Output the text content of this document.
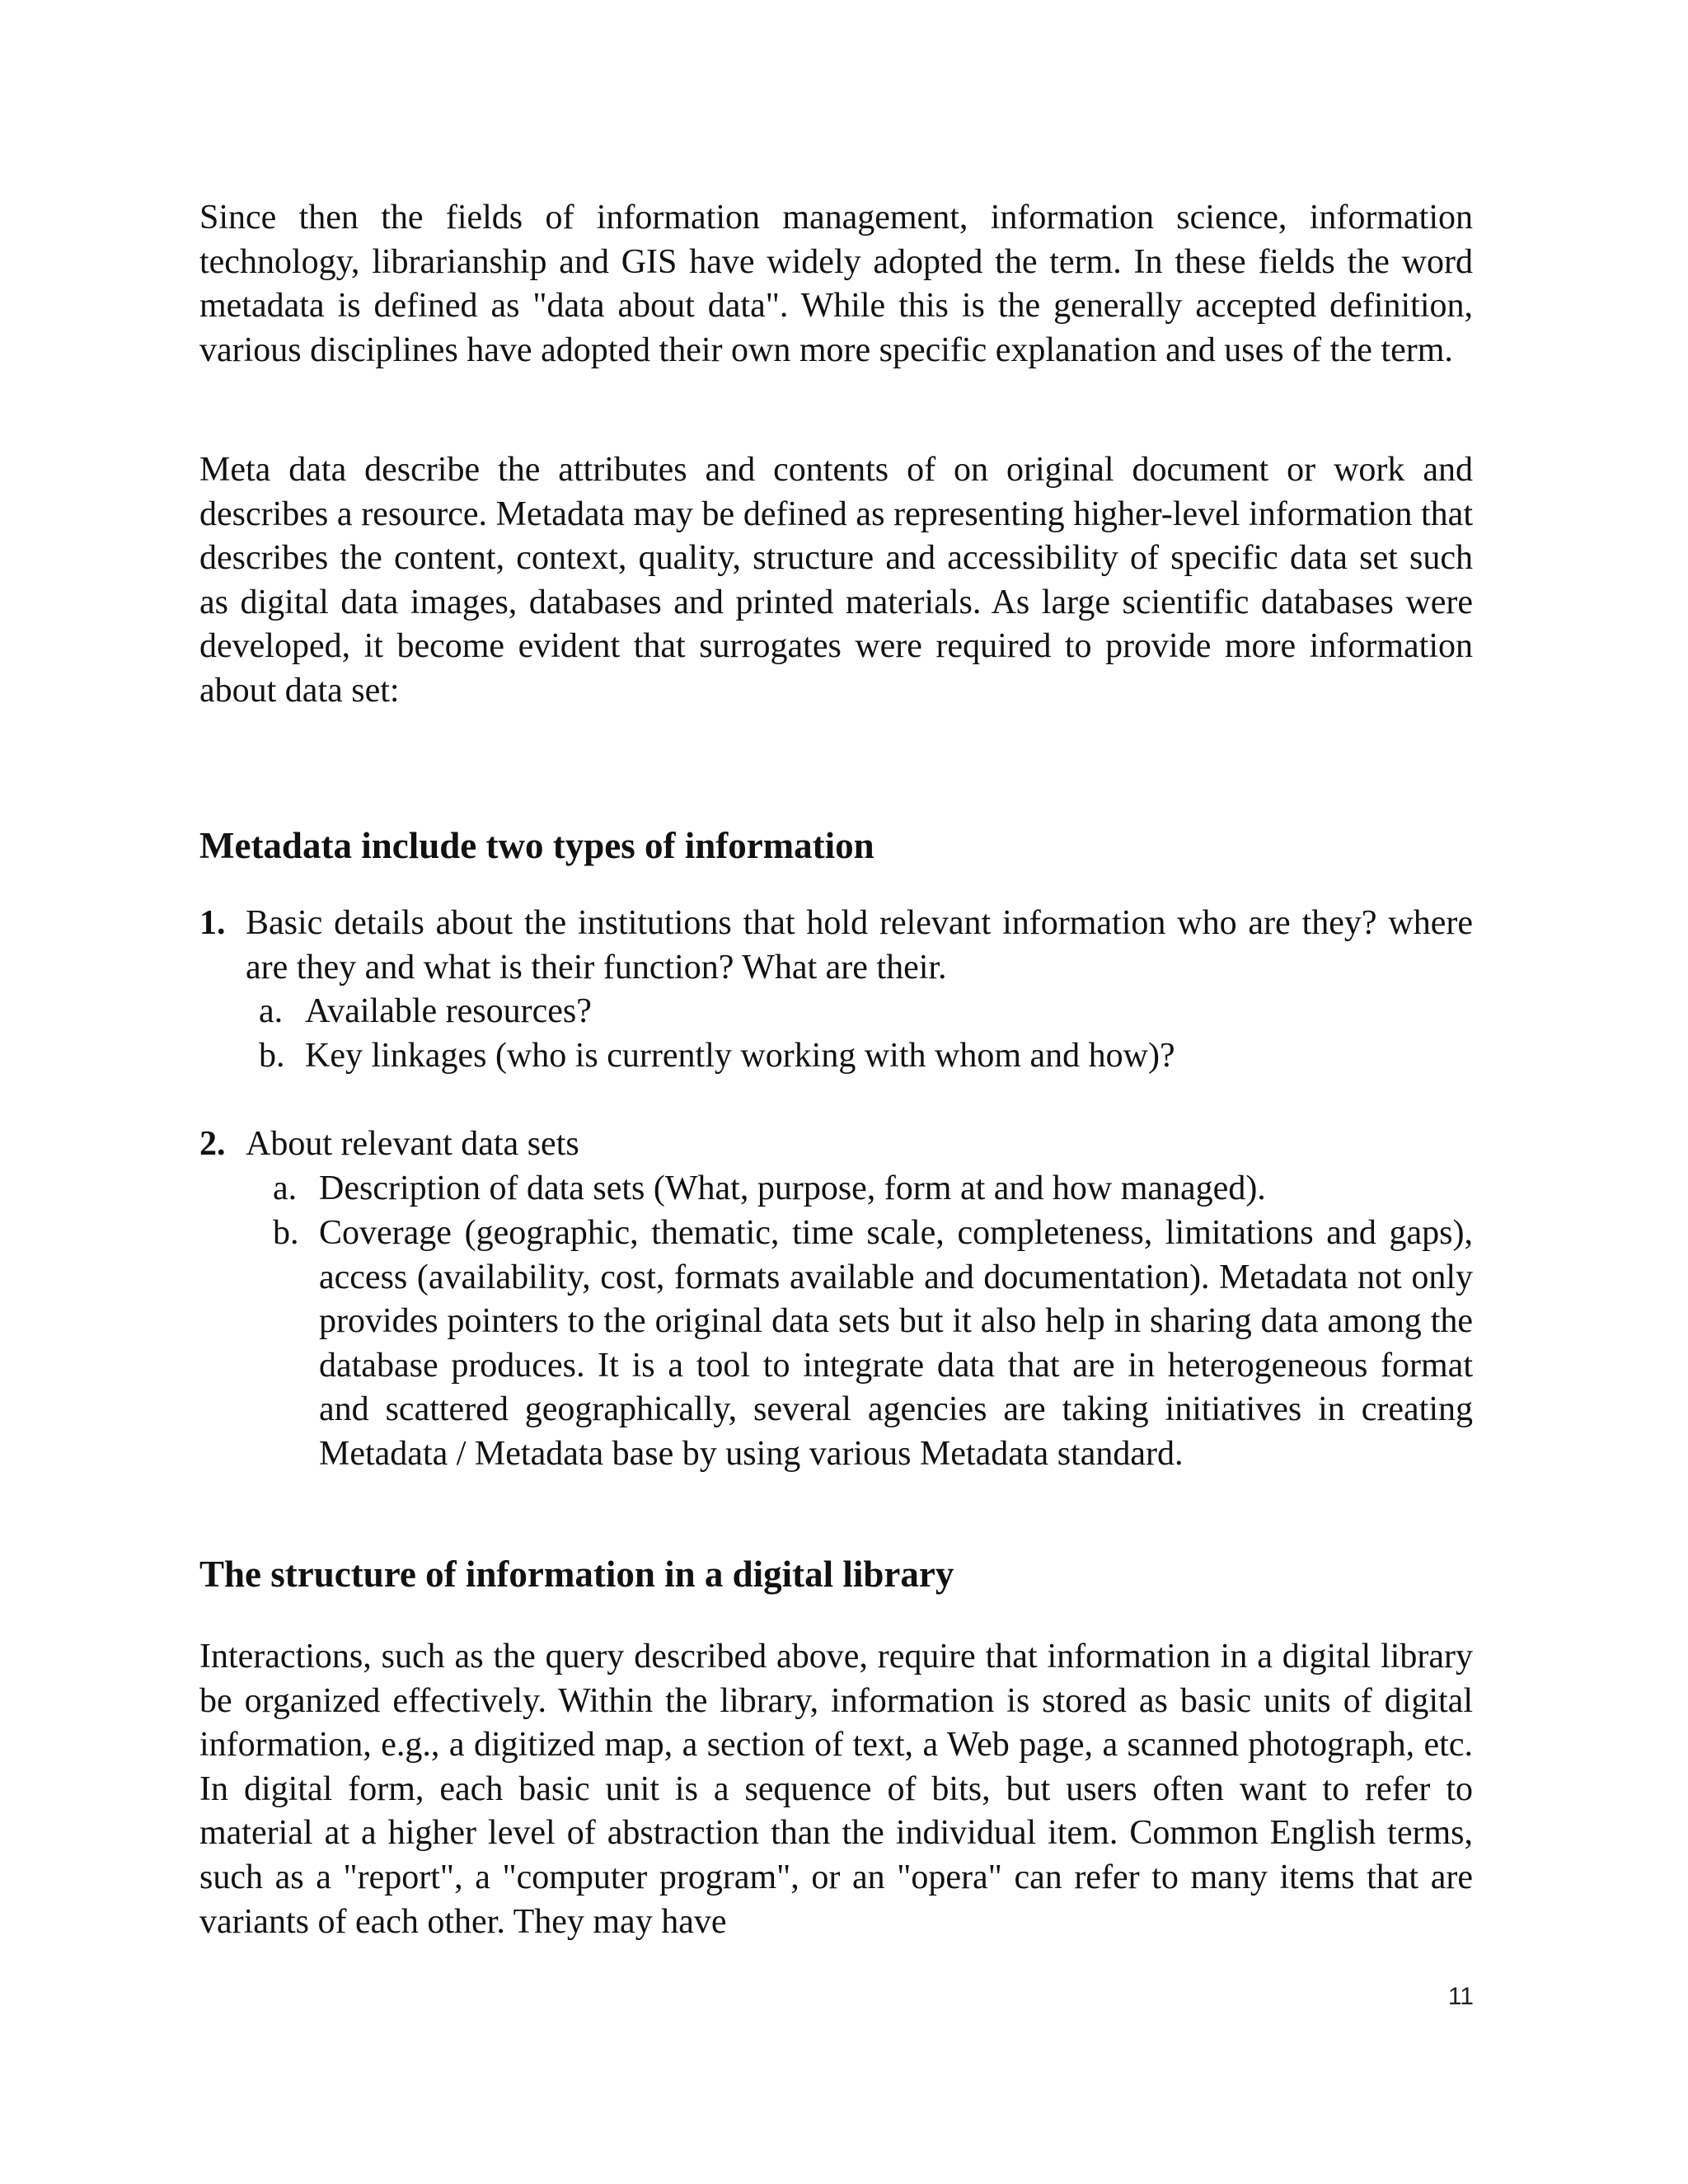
Since then the fields of information management, information science, information technology, librarianship and GIS have widely adopted the term. In these fields the word metadata is defined as "data about data". While this is the generally accepted definition, various disciplines have adopted their own more specific explanation and uses of the term.

Meta data describe the attributes and contents of on original document or work and describes a resource. Metadata may be defined as representing higher-level information that describes the content, context, quality, structure and accessibility of specific data set such as digital data images, databases and printed materials. As large scientific databases were developed, it become evident that surrogates were required to provide more information about data set:

Metadata include two types of information
1. Basic details about the institutions that hold relevant information who are they? where are they and what is their function? What are their.
a. Available resources?
b. Key linkages (who is currently working with whom and how)?
2. About relevant data sets
a. Description of data sets (What, purpose, form at and how managed).
b. Coverage (geographic, thematic, time scale, completeness, limitations and gaps), access (availability, cost, formats available and documentation). Metadata not only provides pointers to the original data sets but it also help in sharing data among the database produces. It is a tool to integrate data that are in heterogeneous format and scattered geographically, several agencies are taking initiatives in creating Metadata / Metadata base by using various Metadata standard.
The structure of information in a digital library

Interactions, such as the query described above, require that information in a digital library be organized effectively. Within the library, information is stored as basic units of digital information, e.g., a digitized map, a section of text, a Web page, a scanned photograph, etc. In digital form, each basic unit is a sequence of bits, but users often want to refer to material at a higher level of abstraction than the individual item. Common English terms, such as a "report", a "computer program", or an "opera" can refer to many items that are variants of each other. They may have

11
